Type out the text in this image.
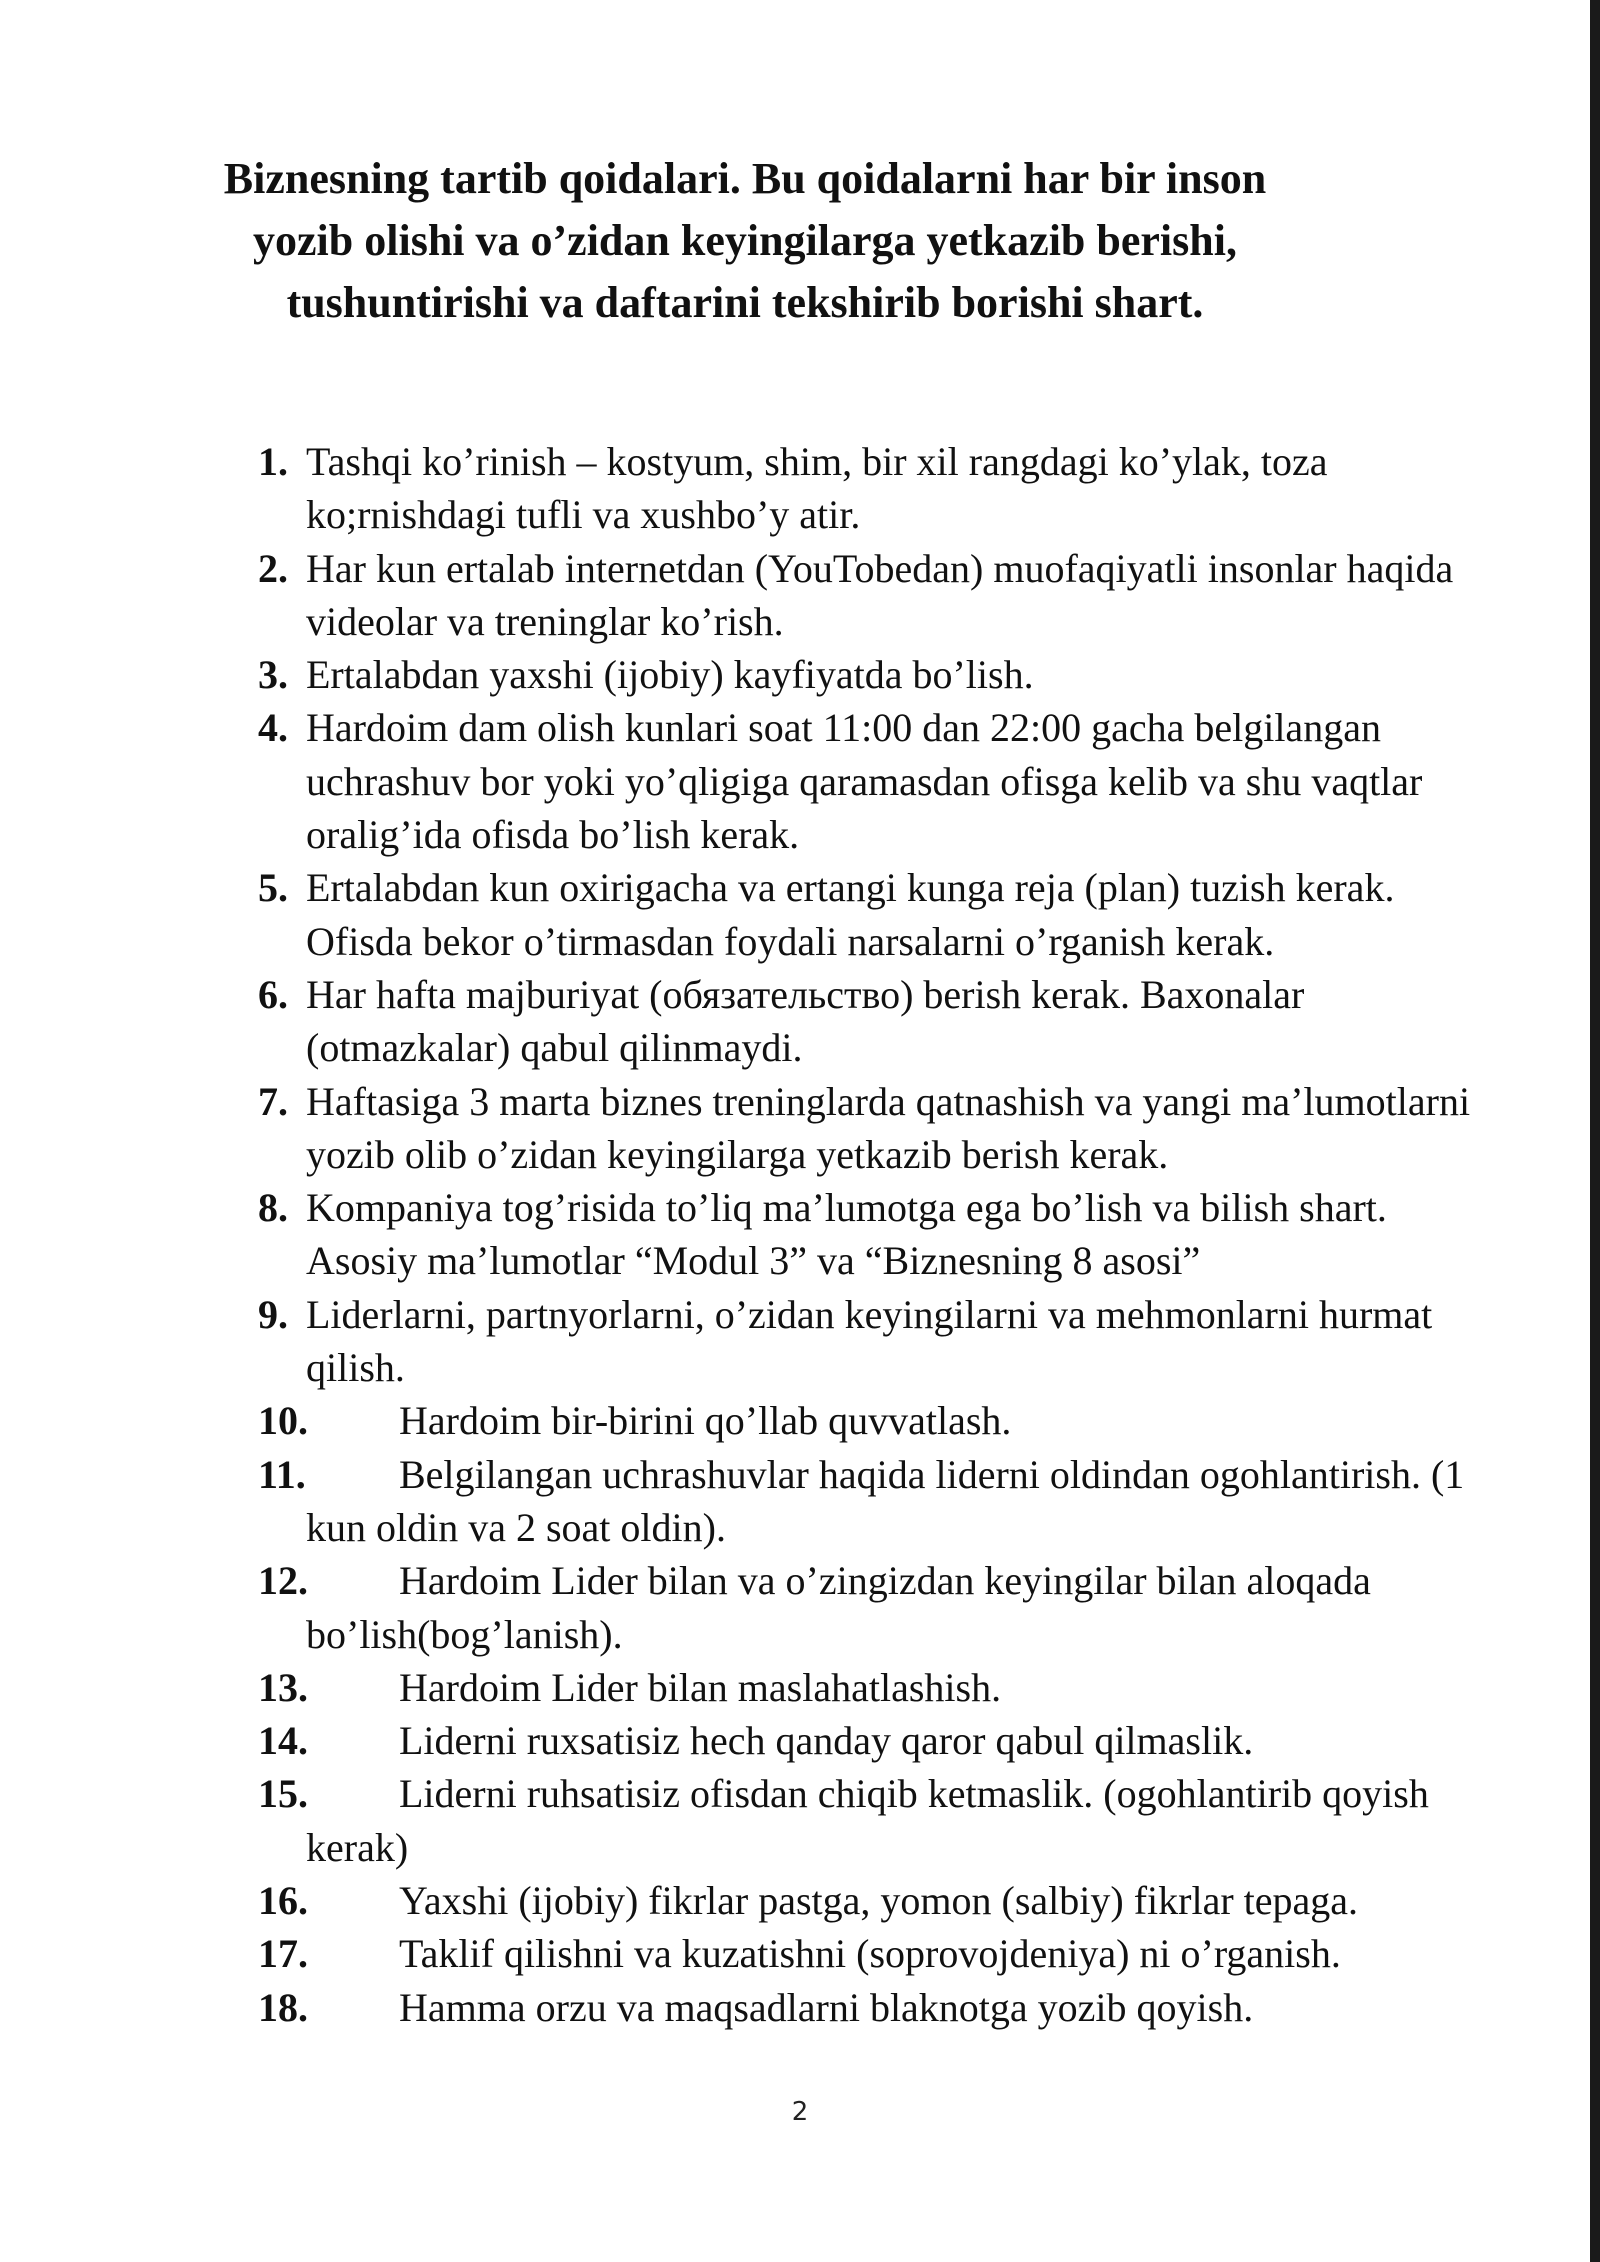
Biznesning tartib qoidalari. Bu qoidalarni har bir inson yozib olishi va o’zidan keyingilarga yetkazib berishi, tushuntirishi va daftarini tekshirib borishi shart.
1. Tashqi ko’rinish – kostyum, shim, bir xil rangdagi ko’ylak, toza ko;rnishdagi tufli va xushbo’y atir.
2. Har kun ertalab internetdan (YouTobedan) muofaqiyatli insonlar haqida videolar va treninglar ko’rish.
3. Ertalabdan yaxshi (ijobiy) kayfiyatda bo’lish.
4. Hardoim dam olish kunlari soat 11:00 dan 22:00 gacha belgilangan uchrashuv bor yoki yo’qligiga qaramasdan ofisga kelib va shu vaqtlar oralig’ida ofisda bo’lish kerak.
5. Ertalabdan kun oxirigacha va ertangi kunga reja (plan) tuzish kerak. Ofisda bekor o’tirmasdan foydali narsalarni o’rganish kerak.
6. Har hafta majburiyat (обязательство) berish kerak. Baxonalar (otmazkalar) qabul qilinmaydi.
7. Haftasiga 3 marta biznes treninglarda qatnashish va yangi ma’lumotlarni yozib olib o’zidan keyingilarga yetkazib berish kerak.
8. Kompaniya tog’risida to’liq ma’lumotga ega bo’lish va bilish shart. Asosiy ma’lumotlar “Modul 3” va “Biznesning 8 asosi”
9. Liderlarni, partnyorlarni, o’zidan keyingilarni va mehmonlarni hurmat qilish.
10. Hardoim bir-birini qo’llab quvvatlash.
11. Belgilangan uchrashuvlar haqida liderni oldindan ogohlantirish. (1 kun oldin va 2 soat oldin).
12. Hardoim Lider bilan va o’zingizdan keyingilar bilan aloqada bo’lish(bog’lanish).
13. Hardoim Lider bilan maslahatlashish.
14. Liderni ruxsatisiz hech qanday qaror qabul qilmaslik.
15. Liderni ruhsatisiz ofisdan chiqib ketmaslik. (ogohlantirib qoyish kerak)
16. Yaxshi (ijobiy) fikrlar pastga, yomon (salbiy) fikrlar tepaga.
17. Taklif qilishni va kuzatishni (soprovojdeniya) ni o’rganish.
18. Hamma orzu va maqsadlarni blaknotga yozib qoyish.
2
